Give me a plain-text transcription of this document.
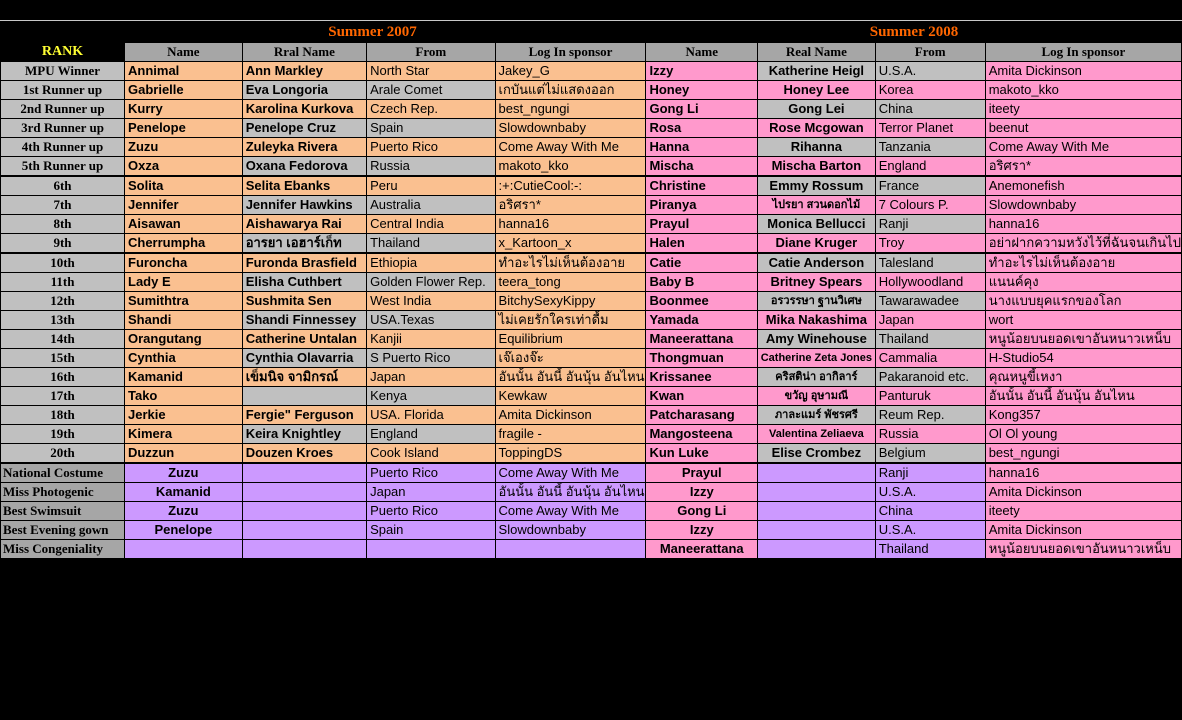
Summer 2007	Summer 2008
RANK	Name	Rral Name	From	Log In sponsor	Name	Real Name	From	Log In sponsor
MPU Winner	Annimal	Ann Markley	North Star	Jakey_G	Izzy	Katherine Heigl	U.S.A.	Amita Dickinson
1st Runner up	Gabrielle	Eva Longoria	Arale Comet	เกบันแต่ไม่แสดงออก	Honey	Honey Lee	Korea	makoto_kko
2nd Runner up	Kurry	Karolina Kurkova	Czech Rep.	best_ngungi	Gong Li	Gong Lei	China	iteety
3rd Runner up	Penelope	Penelope Cruz	Spain	Slowdownbaby	Rosa	Rose Mcgowan	Terror Planet	beenut
4th Runner up	Zuzu	Zuleyka Rivera	Puerto Rico	Come Away With Me	Hanna	Rihanna	Tanzania	Come Away With Me
5th Runner up	Oxza	Oxana Fedorova	Russia	makoto_kko	Mischa	Mischa Barton	England	อริศรา*
6th	Solita	Selita Ebanks	Peru	:+:CutieCool:-:	Christine	Emmy Rossum	France	Anemonefish
7th	Jennifer	Jennifer Hawkins	Australia	อริศรา*	Piranya	ไปรยา สวนดอกไม้	7 Colours P.	Slowdownbaby
8th	Aisawan	Aishawarya Rai	Central India	hanna16	Prayul	Monica Bellucci	Ranji	hanna16
9th	Cherrumpha	อารยา เอฮาร์เก็ท	Thailand	x_Kartoon_x	Halen	Diane Kruger	Troy	อย่าฝากความหวังไว้ที่ฉันจนเกินไป
10th	Furoncha	Furonda Brasfield	Ethiopia	ทำอะไรไม่เห็นต้องอาย	Catie	Catie Anderson	Talesland	ทำอะไรไม่เห็นต้องอาย
11th	Lady E	Elisha Cuthbert	Golden Flower Rep.	teera_tong	Baby B	Britney Spears	Hollywoodland	แนนค์คุง
12th	Sumithtra	Sushmita Sen	West India	BitchySexyKippy	Boonmee	อรวรรษา ฐานวิเศษ	Tawarawadee	นางแบบยุคแรกของโลก
13th	Shandi	Shandi Finnessey	USA.Texas	ไม่เคยรักใครเท่าดื้ม	Yamada	Mika Nakashima	Japan	wort
14th	Orangutang	Catherine Untalan	Kanjii	Equilibrium	Maneerattana	Amy Winehouse	Thailand	หนูน้อยบนยอดเขาอันหนาวเหน็บ
15th	Cynthia	Cynthia Olavarria	S Puerto Rico	เจ๊เองจ๊ะ	Thongmuan	Catherine Zeta Jones	Cammalia	H-Studio54
16th	Kamanid	เข็มนิจ จามิกรณ์	Japan	อันนั้น อันนี้ อันนุ้น อันไหน	Krissanee	คริสติน่า อากิลาร์	Pakaranoid etc.	คุณหนูขี้เหงา
17th	Tako		Kenya	Kewkaw	Kwan	ขวัญ อุษามณี	Panturuk	อันนั้น อันนี้ อันนุ้น อันไหน
18th	Jerkie	Fergie" Ferguson	USA. Florida	Amita Dickinson	Patcharasang	ภาละแมร์ พัชรศรี	Reum Rep.	Kong357
19th	Kimera	Keira Knightley	England	fragile -	Mangosteena	Valentina Zeliaeva	Russia	Ol Ol young
20th	Duzzun	Douzen Kroes	Cook Island	ToppingDS	Kun Luke	Elise Crombez	Belgium	best_ngungi
National Costume	Zuzu		Puerto Rico	Come Away With Me	Prayul		Ranji	hanna16
Miss Photogenic	Kamanid		Japan	อันนั้น อันนี้ อันนุ้น อันไหน	Izzy		U.S.A.	Amita Dickinson
Best Swimsuit	Zuzu		Puerto Rico	Come Away With Me	Gong Li		China	iteety
Best Evening gown	Penelope		Spain	Slowdownbaby	Izzy		U.S.A.	Amita Dickinson
Miss Congeniality					Maneerattana		Thailand	หนูน้อยบนยอดเขาอันหนาวเหน็บ
